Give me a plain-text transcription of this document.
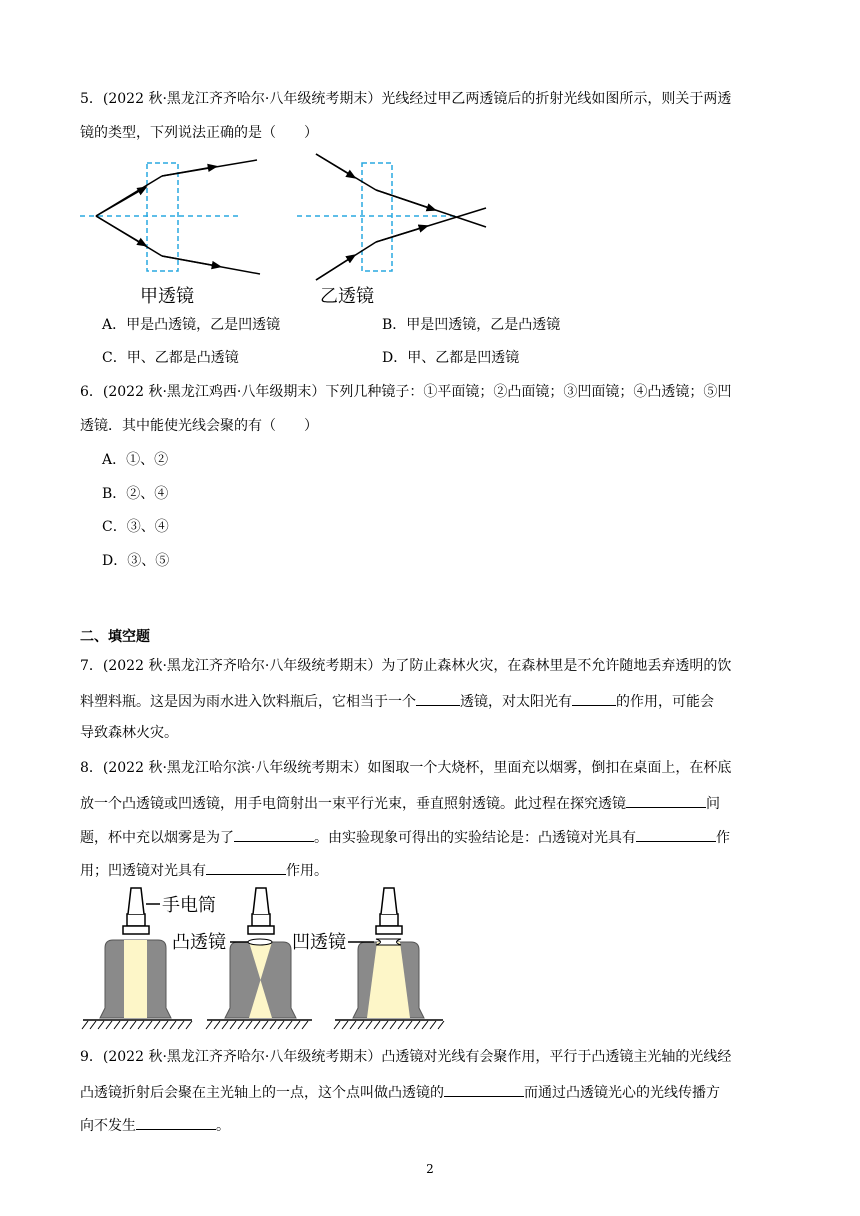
5．(2022 秋·黑龙江齐齐哈尔·八年级统考期末）光线经过甲乙两透镜后的折射光线如图所示，则关于两透
镜的类型，下列说法正确的是（　　）
甲透镜	乙透镜
A．甲是凸透镜，乙是凹透镜	B．甲是凹透镜，乙是凸透镜
C．甲、乙都是凸透镜	D．甲、乙都是凹透镜
6．(2022 秋·黑龙江鸡西·八年级期末）下列几种镜子：①平面镜；②凸面镜；③凹面镜；④凸透镜；⑤凹
透镜．其中能使光线会聚的有（　　）
A．①、②
B．②、④
C．③、④
D．③、⑤
二、填空题
7．(2022 秋·黑龙江齐齐哈尔·八年级统考期末）为了防止森林火灾，在森林里是不允许随地丢弃透明的饮
料塑料瓶。这是因为雨水进入饮料瓶后，它相当于一个	透镜，对太阳光有	的作用，可能会
导致森林火灾。
8．(2022 秋·黑龙江哈尔滨·八年级统考期末）如图取一个大烧杯，里面充以烟雾，倒扣在桌面上，在杯底
放一个凸透镜或凹透镜，用手电筒射出一束平行光束，垂直照射透镜。此过程在探究透镜	问
题，杯中充以烟雾是为了	。由实验现象可得出的实验结论是：凸透镜对光具有	作
用；凹透镜对光具有	作用。
手电筒
凸透镜	凹透镜
9．(2022 秋·黑龙江齐齐哈尔·八年级统考期末）凸透镜对光线有会聚作用，平行于凸透镜主光轴的光线经
凸透镜折射后会聚在主光轴上的一点，这个点叫做凸透镜的	而通过凸透镜光心的光线传播方
向不发生	。
2
